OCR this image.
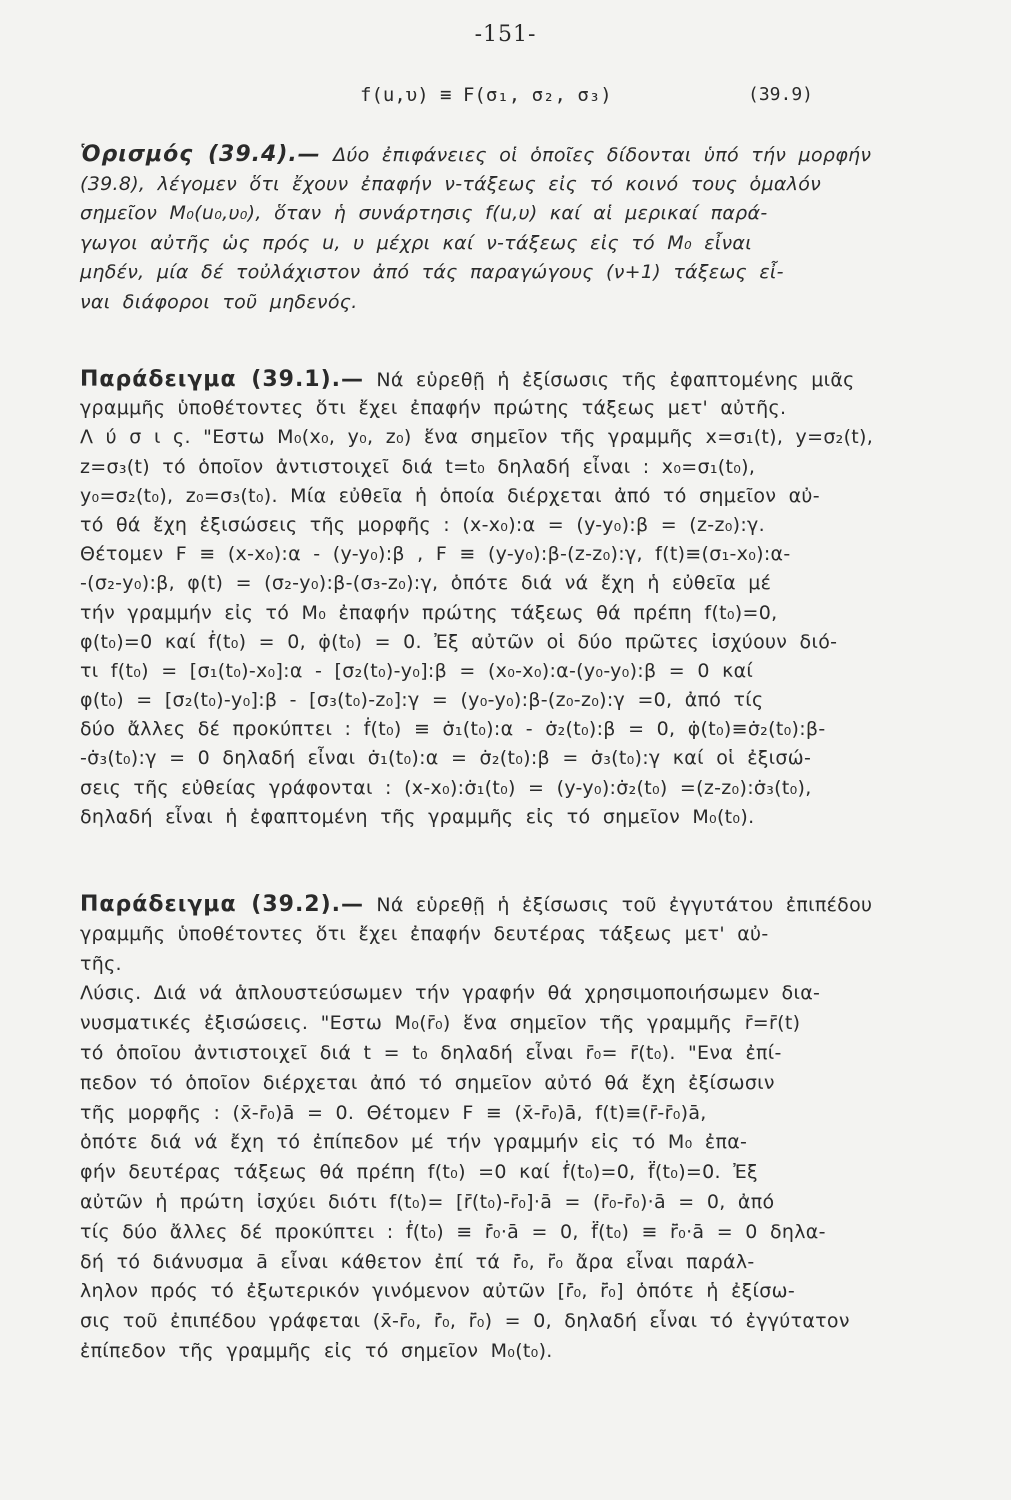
-151-
f(u,υ) ≡ F(σ₁, σ₂, σ₃)	(39.9)
Ὁρισμός (39.4).— Δύο ἐπιφάνειες οἱ ὁποῖες δίδονται ὑπό τήν μορφήν
(39.8), λέγομεν ὅτι ἔχουν ἐπαφήν ν-τάξεως εἰς τό κοινό τους ὁμαλόν
σημεῖον M₀(u₀,υ₀), ὅταν ἡ συνάρτησις f(u,υ) καί αἱ μερικαί παρά-
γωγοι αὐτῆς ὡς πρός u, υ μέχρι καί ν-τάξεως εἰς τό M₀ εἶναι
μηδέν, μία δέ τοὐλάχιστον ἀπό τάς παραγώγους (ν+1) τάξεως εἶ-
ναι διάφοροι τοῦ μηδενός.
Παράδειγμα (39.1).— Νά εὑρεθῇ ἡ ἐξίσωσις τῆς ἐφαπτομένης μιᾶς
γραμμῆς ὑποθέτοντες ὅτι ἔχει ἐπαφήν πρώτης τάξεως μετ' αὐτῆς.
Λ ύ σ ι ς. "Εστω M₀(x₀, y₀, z₀) ἕνα σημεῖον τῆς γραμμῆς x=σ₁(t), y=σ₂(t),
z=σ₃(t) τό ὁποῖον ἀντιστοιχεῖ διά t=t₀ δηλαδή εἶναι : x₀=σ₁(t₀),
y₀=σ₂(t₀), z₀=σ₃(t₀). Μία εὐθεῖα ἡ ὁποία διέρχεται ἀπό τό σημεῖον αὐ-
τό θά ἔχη ἐξισώσεις τῆς μορφῆς : (x-x₀):α = (y-y₀):β = (z-z₀):γ.
Θέτομεν F ≡ (x-x₀):α - (y-y₀):β , F ≡ (y-y₀):β-(z-z₀):γ, f(t)≡(σ₁-x₀):α-
-(σ₂-y₀):β, φ(t) = (σ₂-y₀):β-(σ₃-z₀):γ, ὁπότε διά νά ἔχη ἡ εὐθεῖα μέ
τήν γραμμήν εἰς τό M₀ ἐπαφήν πρώτης τάξεως θά πρέπη f(t₀)=0,
φ(t₀)=0 καί ḟ(t₀) = 0, φ̇(t₀) = 0. Ἐξ αὐτῶν οἱ δύο πρῶτες ἰσχύουν διό-
τι f(t₀) = [σ₁(t₀)-x₀]:α - [σ₂(t₀)-y₀]:β = (x₀-x₀):α-(y₀-y₀):β = 0 καί
φ(t₀) = [σ₂(t₀)-y₀]:β - [σ₃(t₀)-z₀]:γ = (y₀-y₀):β-(z₀-z₀):γ =0, ἀπό τίς
δύο ἄλλες δέ προκύπτει : ḟ(t₀) ≡ σ̇₁(t₀):α - σ̇₂(t₀):β = 0, φ̇(t₀)≡σ̇₂(t₀):β-
-σ̇₃(t₀):γ = 0 δηλαδή εἶναι σ̇₁(t₀):α = σ̇₂(t₀):β = σ̇₃(t₀):γ καί οἱ ἐξισώ-
σεις τῆς εὐθείας γράφονται : (x-x₀):σ̇₁(t₀) = (y-y₀):σ̇₂(t₀) =(z-z₀):σ̇₃(t₀),
δηλαδή εἶναι ἡ ἐφαπτομένη τῆς γραμμῆς εἰς τό σημεῖον M₀(t₀).
Παράδειγμα (39.2).— Νά εὑρεθῇ ἡ ἐξίσωσις τοῦ ἐγγυτάτου ἐπιπέδου
γραμμῆς ὑποθέτοντες ὅτι ἔχει ἐπαφήν δευτέρας τάξεως μετ' αὐ-
τῆς.
Λύσις. Διά νά ἁπλουστεύσωμεν τήν γραφήν θά χρησιμοποιήσωμεν δια-
νυσματικές ἐξισώσεις. "Εστω M₀(r̄₀) ἕνα σημεῖον τῆς γραμμῆς r̄=r̄(t)
τό ὁποῖου ἀντιστοιχεῖ διά t = t₀ δηλαδή εἶναι r̄₀= r̄(t₀). "Ενα ἐπί-
πεδον τό ὁποῖον διέρχεται ἀπό τό σημεῖον αὐτό θά ἔχη ἐξίσωσιν
τῆς μορφῆς : (x̄-r̄₀)ā = 0. Θέτομεν F ≡ (x̄-r̄₀)ā, f(t)≡(r̄-r̄₀)ā,
ὁπότε διά νά ἔχη τό ἐπίπεδον μέ τήν γραμμήν εἰς τό M₀ ἐπα-
φήν δευτέρας τάξεως θά πρέπη f(t₀) =0 καί ḟ(t₀)=0, f̈(t₀)=0. Ἐξ
αὐτῶν ἡ πρώτη ἰσχύει διότι f(t₀)= [r̄(t₀)-r̄₀]·ā = (r̄₀-r̄₀)·ā = 0, ἀπό
τίς δύο ἄλλες δέ προκύπτει : ḟ(t₀) ≡ r̄̇₀·ā = 0, f̈(t₀) ≡ r̄̈₀·ā = 0 δηλα-
δή τό διάνυσμα ā εἶναι κάθετον ἐπί τά r̄̇₀, r̄̈₀ ἄρα εἶναι παράλ-
ληλον πρός τό ἐξωτερικόν γινόμενον αὐτῶν [r̄̇₀, r̄̈₀] ὁπότε ἡ ἐξίσω-
σις τοῦ ἐπιπέδου γράφεται (x̄-r̄₀, r̄̇₀, r̄̈₀) = 0, δηλαδή εἶναι τό ἐγγύτατον
ἐπίπεδον τῆς γραμμῆς εἰς τό σημεῖον M₀(t₀).
